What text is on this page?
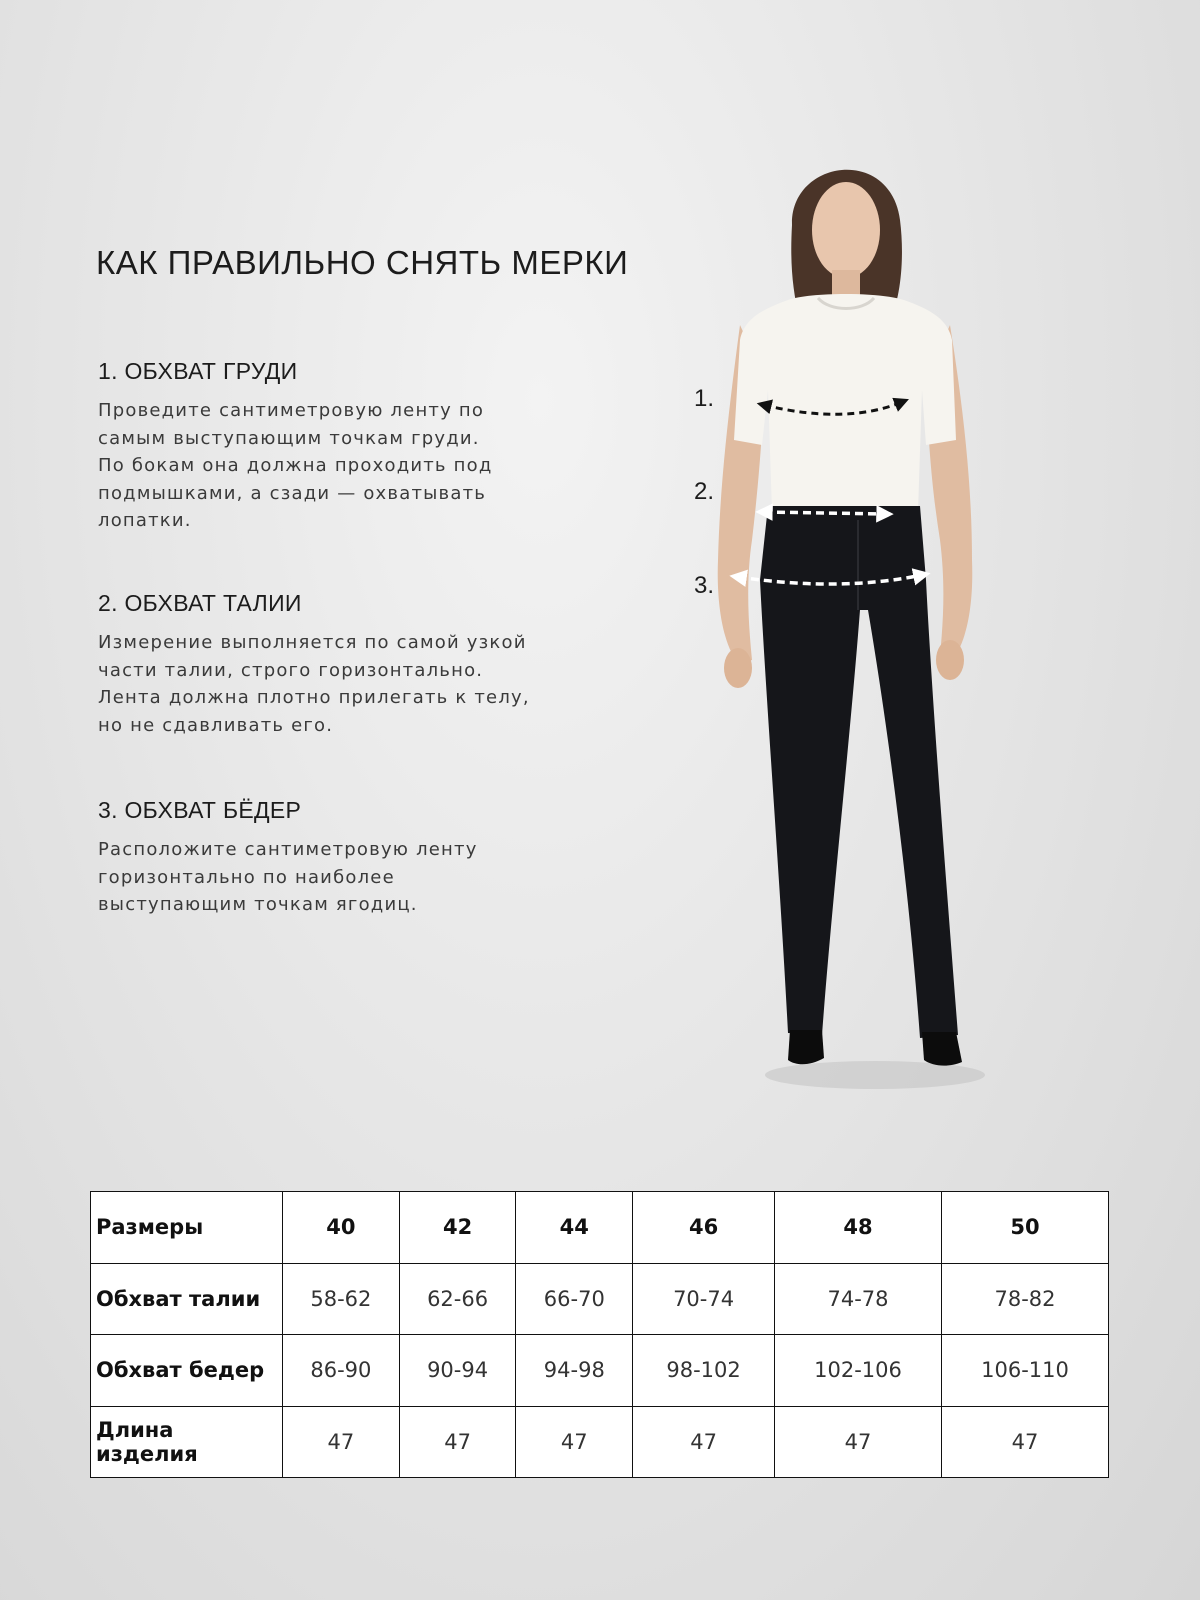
КАК ПРАВИЛЬНО СНЯТЬ МЕРКИ
1. ОБХВАТ ГРУДИ

Проведите сантиметровую ленту по
самым выступающим точкам груди.
По бокам она должна проходить под
подмышками, а сзади — охватывать
лопатки.

2. ОБХВАТ ТАЛИИ

Измерение выполняется по самой узкой
части талии, строго горизонтально.
Лента должна плотно прилегать к телу,
но не сдавливать его.

3. ОБХВАТ БЁДЕР

Расположите сантиметровую ленту
горизонтально по наиболее
выступающим точкам ягодиц.

1.
2.
3.
Размеры	40	42	44	46	48	50
Обхват талии	58-62	62-66	66-70	70-74	74-78	78-82
Обхват бедер	86-90	90-94	94-98	98-102	102-106	106-110
Длина изделия	47	47	47	47	47	47
